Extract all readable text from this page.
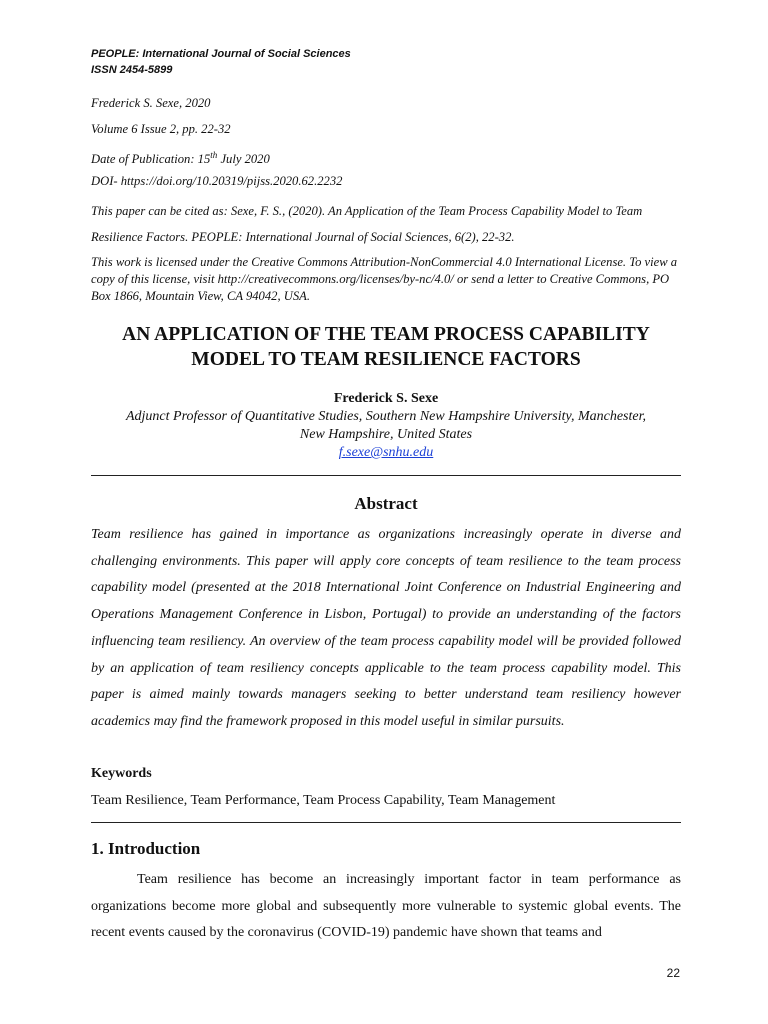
PEOPLE: International Journal of Social Sciences
ISSN 2454-5899
Frederick S. Sexe, 2020
Volume 6 Issue 2, pp. 22-32
Date of Publication: 15th July 2020
DOI- https://doi.org/10.20319/pijss.2020.62.2232
This paper can be cited as: Sexe, F. S., (2020). An Application of the Team Process Capability Model to Team Resilience Factors. PEOPLE: International Journal of Social Sciences, 6(2), 22-32.
This work is licensed under the Creative Commons Attribution-NonCommercial 4.0 International License. To view a copy of this license, visit http://creativecommons.org/licenses/by-nc/4.0/ or send a letter to Creative Commons, PO Box 1866, Mountain View, CA 94042, USA.
AN APPLICATION OF THE TEAM PROCESS CAPABILITY
MODEL TO TEAM RESILIENCE FACTORS
Frederick S. Sexe
Adjunct Professor of Quantitative Studies, Southern New Hampshire University, Manchester,
New Hampshire, United States
f.sexe@snhu.edu
Abstract
Team resilience has gained in importance as organizations increasingly operate in diverse and challenging environments. This paper will apply core concepts of team resilience to the team process capability model (presented at the 2018 International Joint Conference on Industrial Engineering and Operations Management Conference in Lisbon, Portugal) to provide an understanding of the factors influencing team resiliency. An overview of the team process capability model will be provided followed by an application of team resiliency concepts applicable to the team process capability model. This paper is aimed mainly towards managers seeking to better understand team resiliency however academics may find the framework proposed in this model useful in similar pursuits.
Keywords
Team Resilience, Team Performance, Team Process Capability, Team Management
1. Introduction
Team resilience has become an increasingly important factor in team performance as organizations become more global and subsequently more vulnerable to systemic global events. The recent events caused by the coronavirus (COVID-19) pandemic have shown that teams and
22
